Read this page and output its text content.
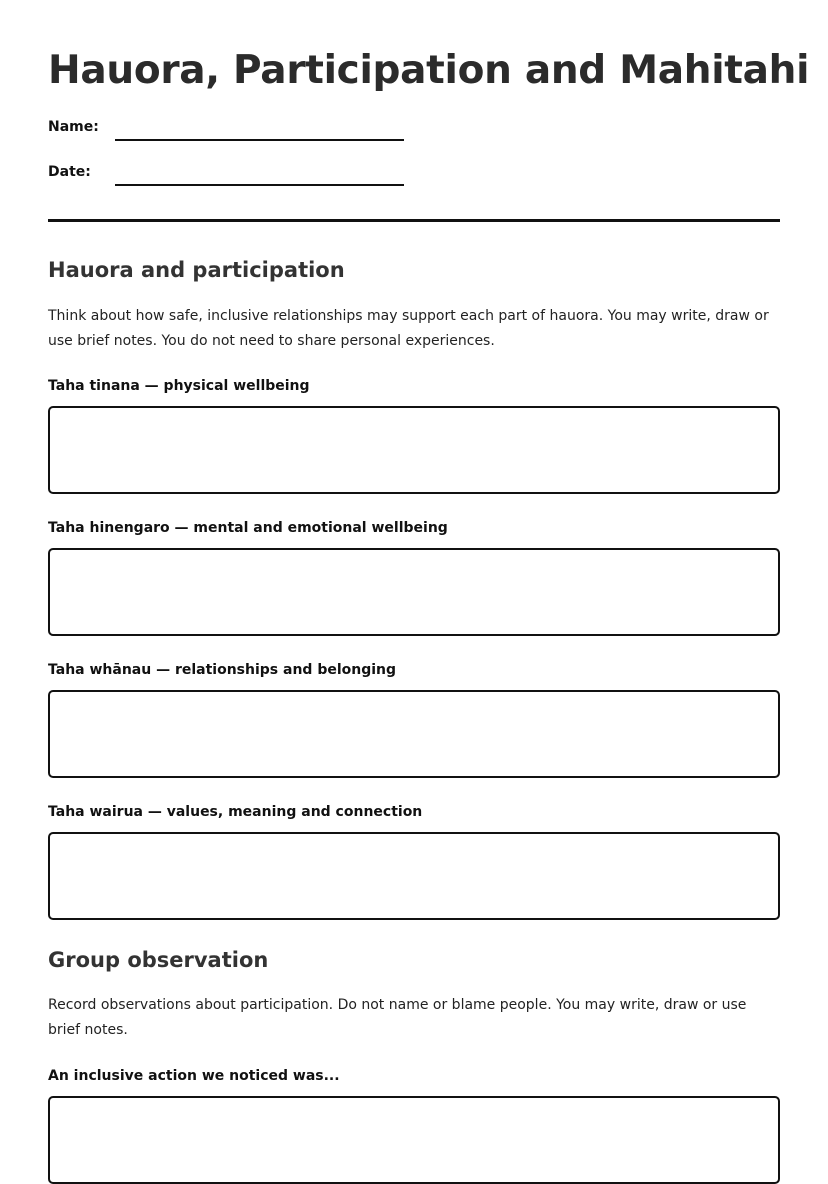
Hauora, Participation and Mahitahi
Name:
Date:
Hauora and participation

Think about how safe, inclusive relationships may support each part of hauora. You may write, draw or use brief notes. You do not need to share personal experiences.

Taha tinana — physical wellbeing
Taha hinengaro — mental and emotional wellbeing
Taha whānau — relationships and belonging
Taha wairua — values, meaning and connection
Group observation

Record observations about participation. Do not name or blame people. You may write, draw or use brief notes.

An inclusive action we noticed was...
